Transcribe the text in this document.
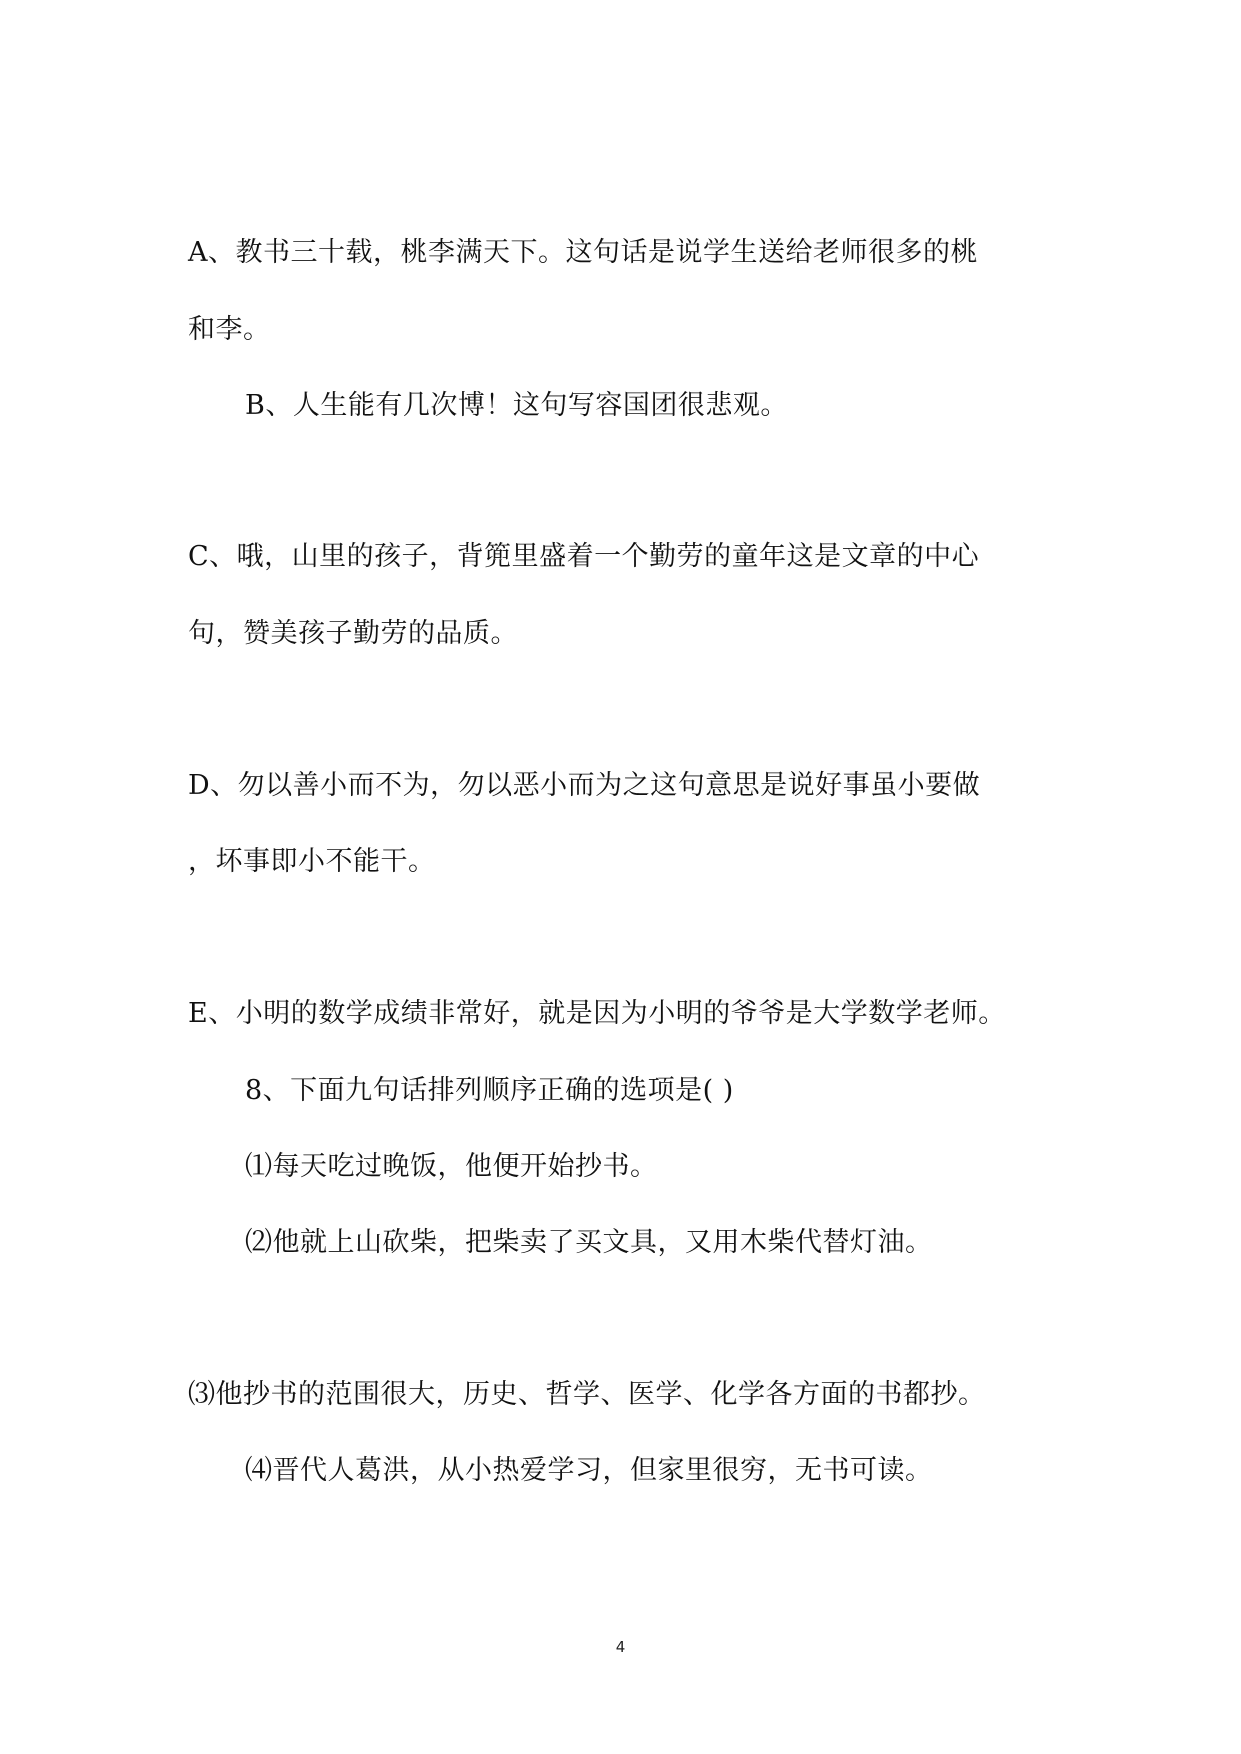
A、教书三十载，桃李满天下。这句话是说学生送给老师很多的桃
和李。
B、人生能有几次博！这句写容国团很悲观。
C、哦，山里的孩子，背篼里盛着一个勤劳的童年这是文章的中心
句，赞美孩子勤劳的品质。
D、勿以善小而不为，勿以恶小而为之这句意思是说好事虽小要做
，坏事即小不能干。
E、小明的数学成绩非常好，就是因为小明的爷爷是大学数学老师。
8、下面九句话排列顺序正确的选项是( )
⑴每天吃过晚饭，他便开始抄书。
⑵他就上山砍柴，把柴卖了买文具，又用木柴代替灯油。
⑶他抄书的范围很大，历史、哲学、医学、化学各方面的书都抄。
⑷晋代人葛洪，从小热爱学习，但家里很穷，无书可读。
4
